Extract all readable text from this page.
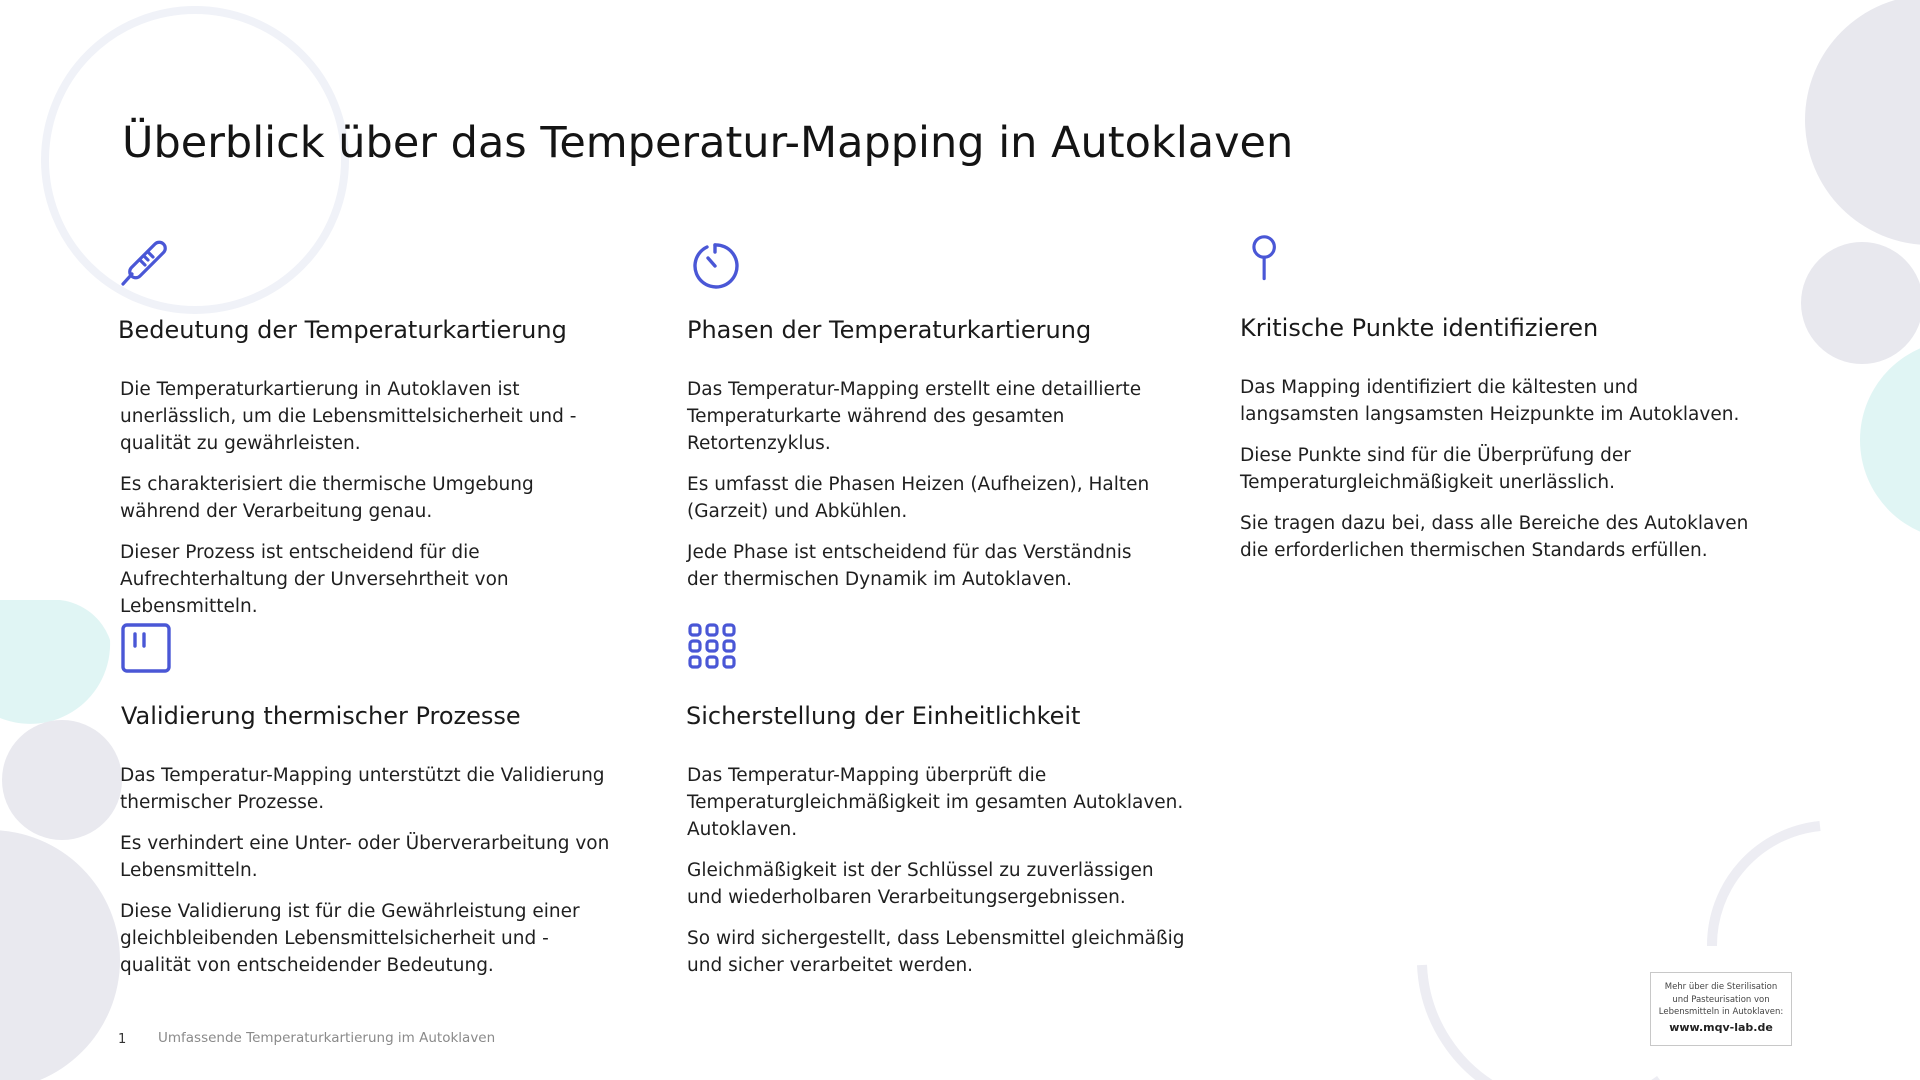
Überblick über das Temperatur-Mapping in Autoklaven
Bedeutung der Temperaturkartierung

Die Temperaturkartierung in Autoklaven ist unerlässlich, um die Lebensmittelsicherheit und -qualität zu gewährleisten.

Es charakterisiert die thermische Umgebung während der Verarbeitung genau.

Dieser Prozess ist entscheidend für die Aufrechterhaltung der Unversehrtheit von Lebensmitteln.

Phasen der Temperaturkartierung

Das Temperatur-Mapping erstellt eine detaillierte Temperaturkarte während des gesamten Retortenzyklus.

Es umfasst die Phasen Heizen (Aufheizen), Halten (Garzeit) und Abkühlen.

Jede Phase ist entscheidend für das Verständnis der thermischen Dynamik im Autoklaven.

Kritische Punkte identifizieren

Das Mapping identifiziert die kältesten und langsamsten langsamsten Heizpunkte im Autoklaven.

Diese Punkte sind für die Überprüfung der Temperaturgleichmäßigkeit unerlässlich.

Sie tragen dazu bei, dass alle Bereiche des Autoklaven die erforderlichen thermischen Standards erfüllen.

Validierung thermischer Prozesse

Das Temperatur-Mapping unterstützt die Validierung thermischer Prozesse.

Es verhindert eine Unter- oder Überverarbeitung von Lebensmitteln.

Diese Validierung ist für die Gewährleistung einer gleichbleibenden Lebensmittelsicherheit und -qualität von entscheidender Bedeutung.

Sicherstellung der Einheitlichkeit

Das Temperatur-Mapping überprüft die Temperaturgleichmäßigkeit im gesamten Autoklaven. Autoklaven.

Gleichmäßigkeit ist der Schlüssel zu zuverlässigen und wiederholbaren Verarbeitungsergebnissen.

So wird sichergestellt, dass Lebensmittel gleichmäßig und sicher verarbeitet werden.

1 Umfassende Temperaturkartierung im Autoklaven
Mehr über die Sterilisation
und Pasteurisation von
Lebensmitteln in Autoklaven:
www.mqv-lab.de
